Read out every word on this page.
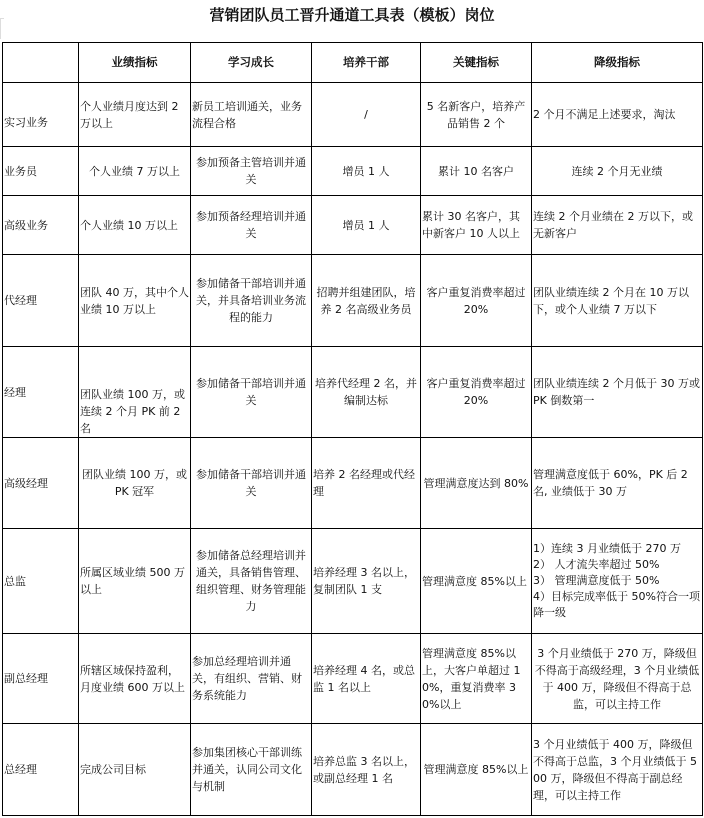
营销团队员工晋升通道工具表（模板）岗位
	业绩指标	学习成长	培养干部	关键指标	降级指标
实习业务	个人业绩月度达到 2 万以上	新员工培训通关，业务流程合格	/	5 名新客户，培养产品销售 2 个	2 个月不满足上述要求，淘汰
业务员	个人业绩 7 万以上	参加预备主管培训并通关	增员 1 人	累计 10 名客户	连续 2 个月无业绩
高级业务	个人业绩 10 万以上	参加预备经理培训并通关	增员 1 人	累计 30 名客户，其中新客户 10 人以上	连续 2 个月业绩在 2 万以下，或无新客户
代经理	团队 40 万，其中个人业绩 10 万以上	参加储备干部培训并通关，并具备培训业务流程的能力	招聘并组建团队，培养 2 名高级业务员	客户重复消费率超过 20%	团队业绩连续 2 个月在 10 万以下，或个人业绩 7 万以下
经理	团队业绩 100 万，或连续 2 个月 PK 前 2 名	参加储备干部培训并通关	培养代经理 2 名，并编制达标	客户重复消费率超过 20%	团队业绩连续 2 个月低于 30 万或 PK 倒数第一
高级经理	团队业绩 100 万，或 PK 冠军	参加储备干部培训并通关	培养 2 名经理或代经理	管理满意度达到 80%	管理满意度低于 60%，PK 后 2 名, 业绩低于 30 万
总监	所属区域业绩 500 万以上	参加储备总经理培训并通关，具备销售管理、组织管理、财务管理能力	培养经理 3 名以上，复制团队 1 支	管理满意度 85%以上	1）连续 3 月业绩低于 270 万
2） 人才流失率超过 50%
3） 管理满意度低于 50%
4）目标完成率低于 50%符合一项降一级

副总经理	所辖区域保持盈利，月度业绩 600 万以上	参加总经理培训并通关，有组织、营销、财务系统能力	培养经理 4 名，或总监 1 名以上	管理满意度 85%以上，大客户单超过 10%，重复消费率 30%以上	3 个月业绩低于 270 万，降级但不得高于高级经理，3 个月业绩低于 400 万，降级但不得高于总监，可以主持工作
总经理	完成公司目标	参加集团核心干部训练并通关，认同公司文化与机制	培养总监 3 名以上，或副总经理 1 名	管理满意度 85%以上	3 个月业绩低于 400 万，降级但不得高于总监，3 个月业绩低于 500 万，降级但不得高于副总经理，可以主持工作
